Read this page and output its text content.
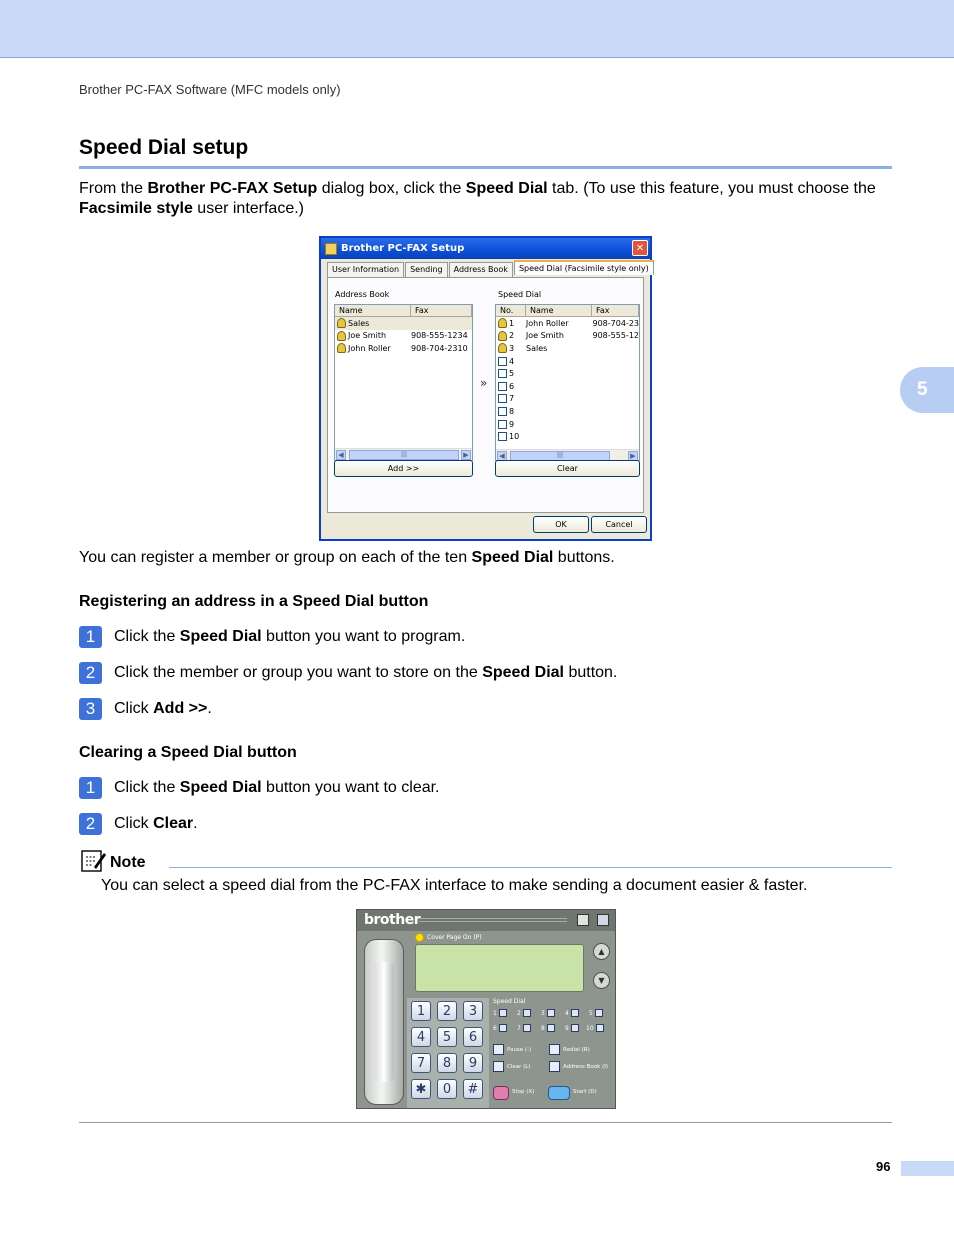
Brother PC-FAX Software (MFC models only)
5
Speed Dial setup
From the Brother PC-FAX Setup dialog box, click the Speed Dial tab. (To use this feature, you must choose the Facsimile style user interface.)
Brother PC-FAX Setup	✕
User Information	Sending	Address Book	Speed Dial (Facsimile style only)
Address Book
Name	Fax
Sales
Joe Smith	908-555-1234
John Roller	908-704-2310
◀	|||	▶
Add >>
»
Speed Dial
No.	Name	Fax
1	John Roller	908-704-23
2	Joe Smith	908-555-12
3	Sales
4
5
6
7
8
9
10
◀	|||	▶
Clear
OK	Cancel
You can register a member or group on each of the ten Speed Dial buttons.
Registering an address in a Speed Dial button
1	Click the Speed Dial button you want to program.
2	Click the member or group you want to store on the Speed Dial button.
3	Click Add >>.
Clearing a Speed Dial button
1	Click the Speed Dial button you want to clear.
2	Click Clear.
Note
You can select a speed dial from the PC-FAX interface to make sending a document easier & faster.
brother
Cover Page On (P)
▲
▼
1	2	3
4	5	6
7	8	9
✱	0	#
Speed Dial
1	2	3	4	5
6	7	8	9	10
Pause (-)	Redial (R)
Clear (L)	Address Book (I)
Stop (X)	Start (D)
96
